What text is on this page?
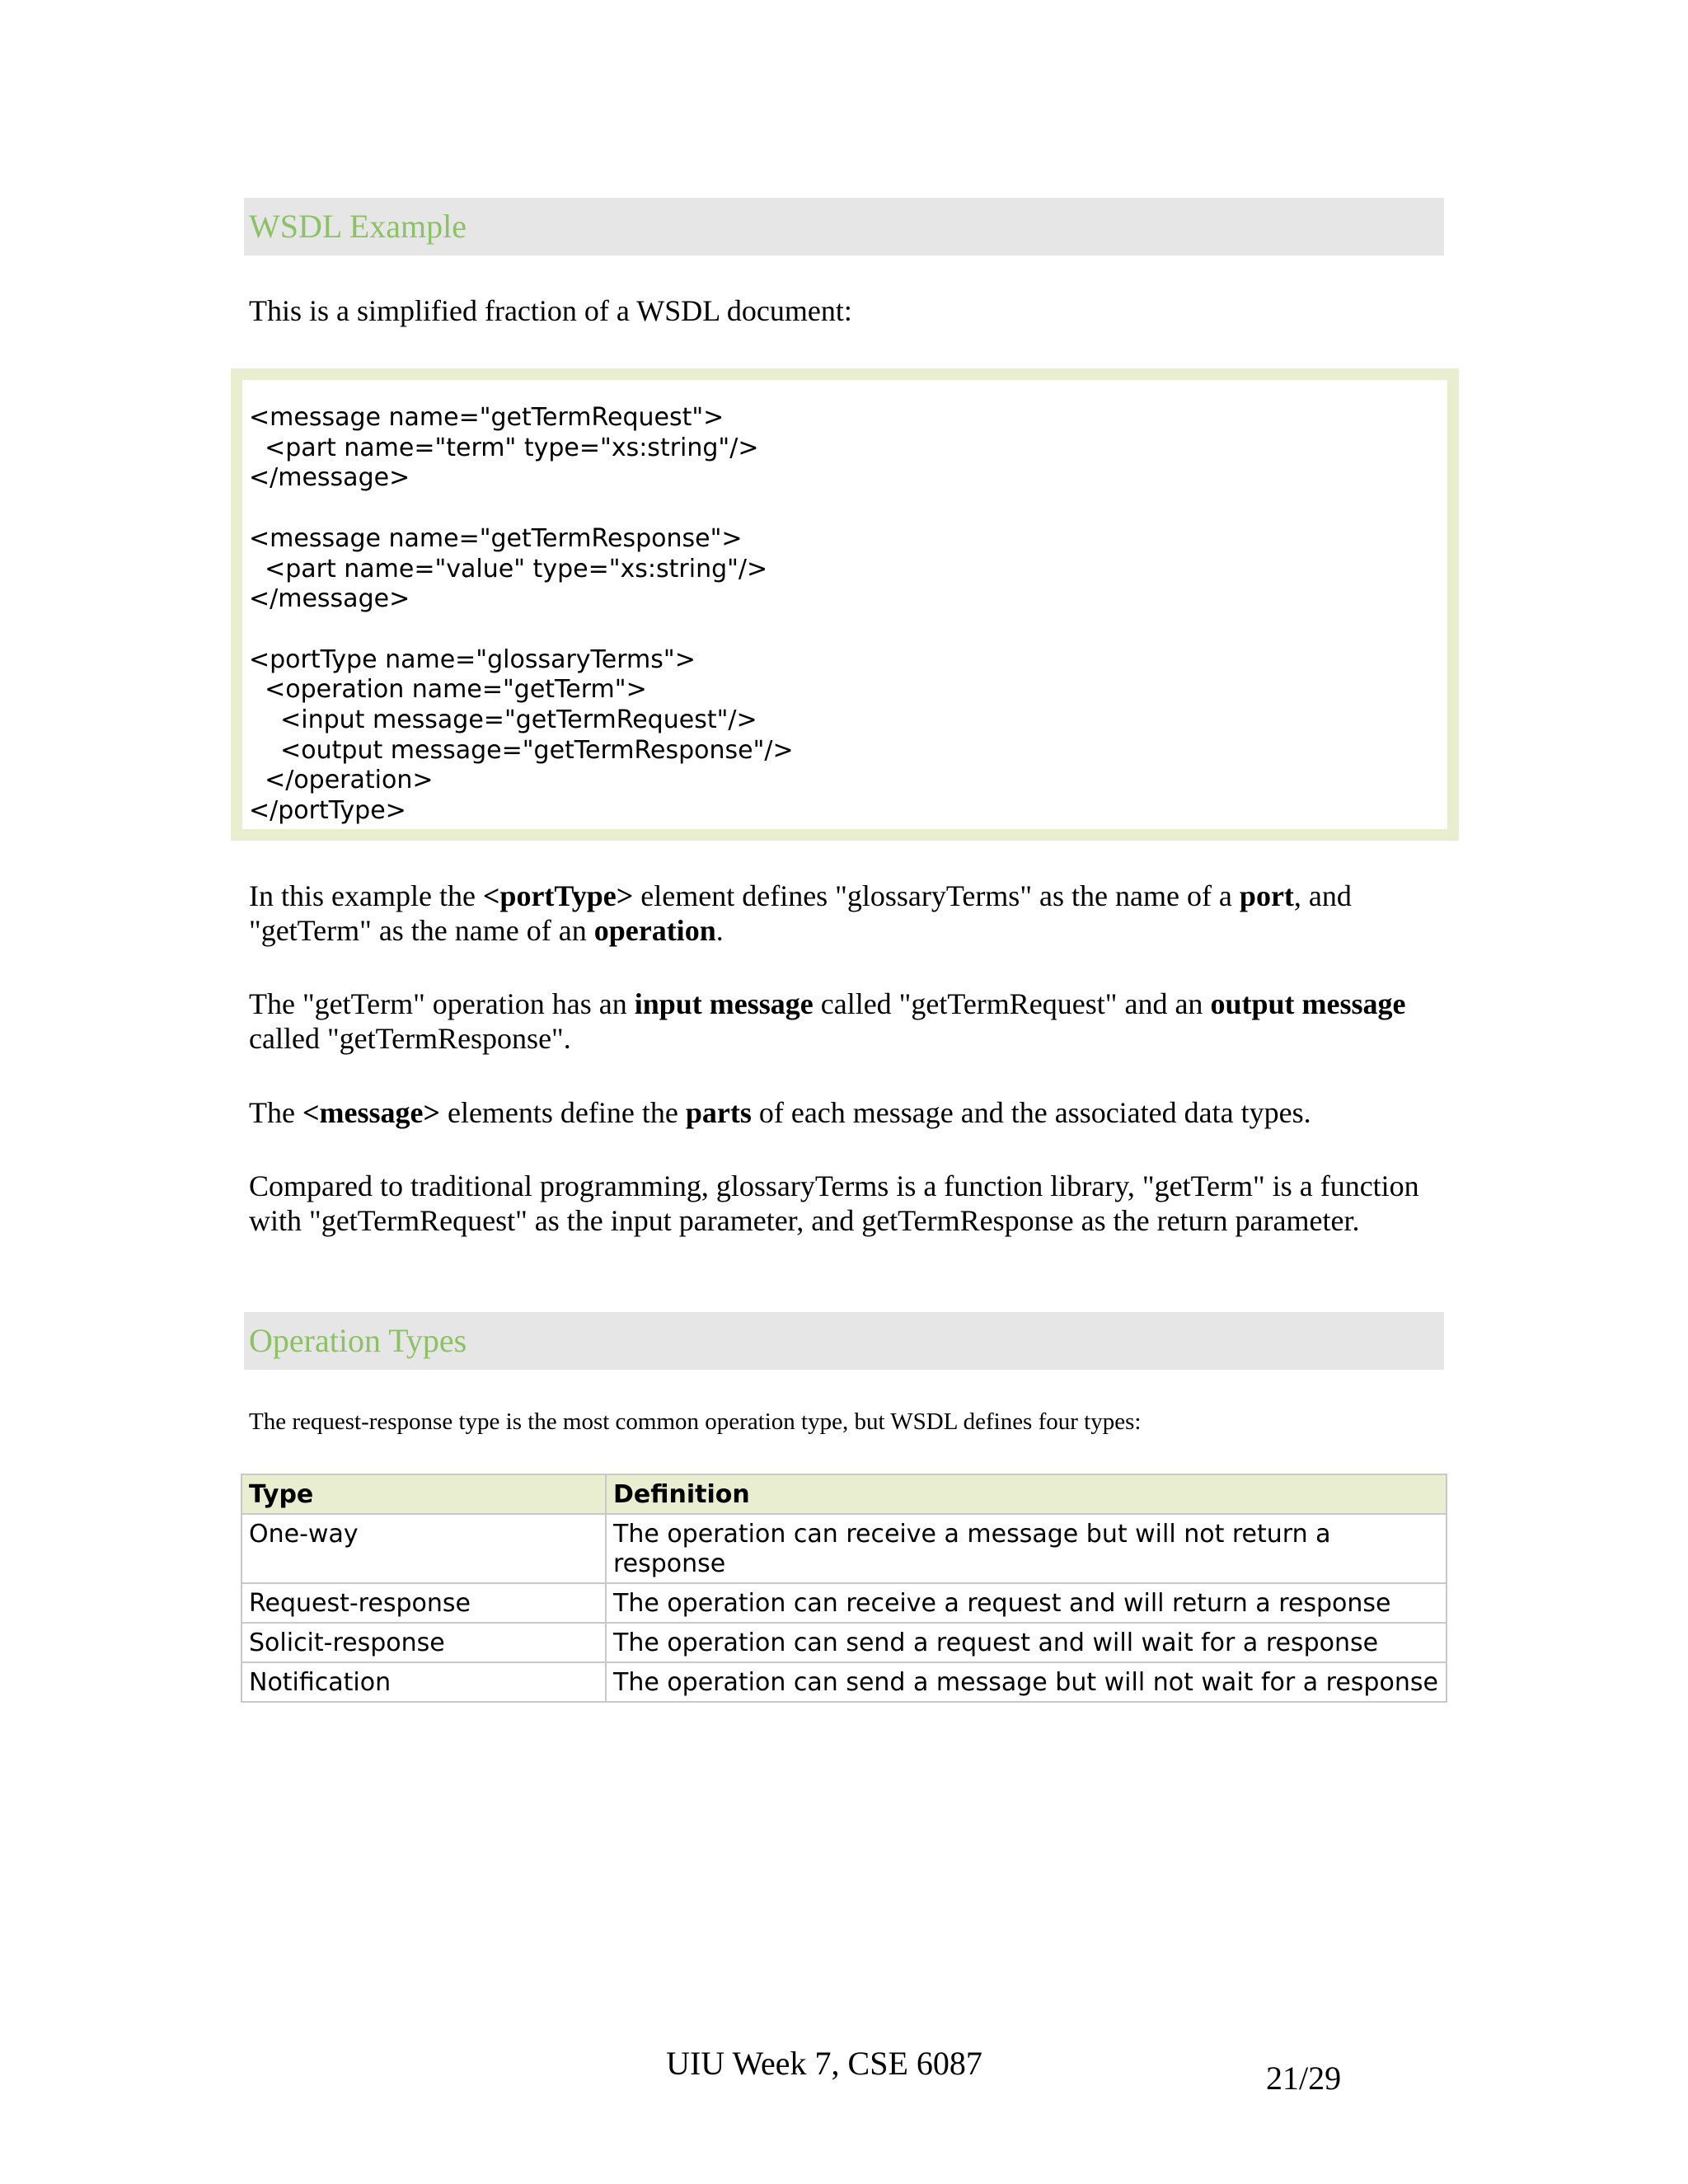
WSDL Example
This is a simplified fraction of a WSDL document:
<message name="getTermRequest">
<part name="term" type="xs:string"/>
</message>

<message name="getTermResponse">
<part name="value" type="xs:string"/>
</message>

<portType name="glossaryTerms">
<operation name="getTerm">
<input message="getTermRequest"/>
<output message="getTermResponse"/>
</operation>
</portType>
In this example the <portType> element defines "glossaryTerms" as the name of a port, and "getTerm" as the name of an operation.
The "getTerm" operation has an input message called "getTermRequest" and an output message called "getTermResponse".
The <message> elements define the parts of each message and the associated data types.
Compared to traditional programming, glossaryTerms is a function library, "getTerm" is a function with "getTermRequest" as the input parameter, and getTermResponse as the return parameter.
Operation Types
The request-response type is the most common operation type, but WSDL defines four types:
Type	Definition
One-way	The operation can receive a message but will not return a response
Request-response	The operation can receive a request and will return a response
Solicit-response	The operation can send a request and will wait for a response
Notification	The operation can send a message but will not wait for a response
UIU Week 7, CSE 6087	21/29
